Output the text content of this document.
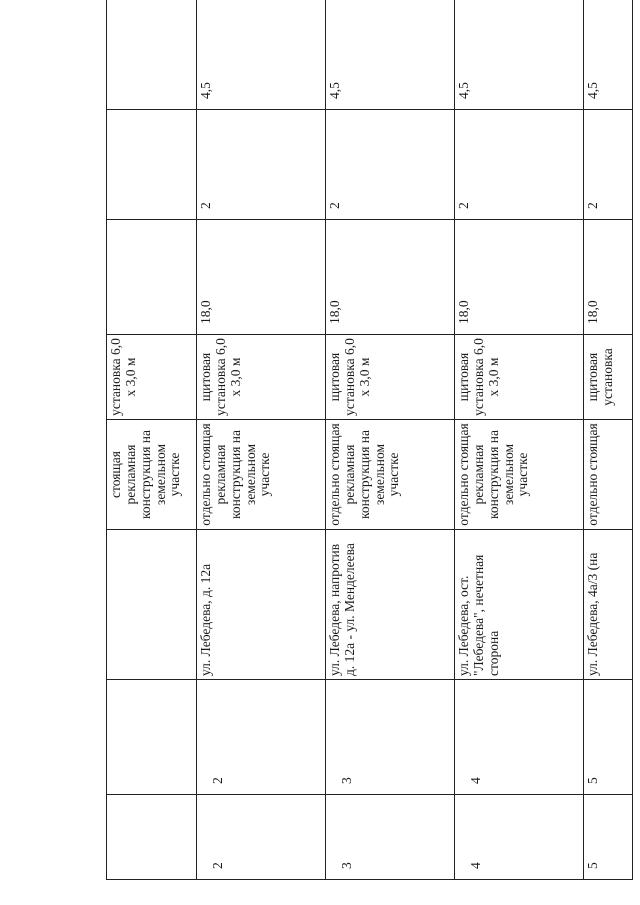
			стоящая рекламная конструкция на земельном участке	установка 6,0 х 3,0 м				
2	2	ул. Лебедева, д. 12а	отдельно стоящая рекламная конструкция на земельном участке	щитовая установка 6,0 х 3,0 м	18,0	2	4,5	
3	3	ул. Лебедева, напротив д. 12а - ул. Менделеева	отдельно стоящая рекламная конструкция на земельном участке	щитовая установка 6,0 х 3,0 м	18,0	2	4,5	
4	4	ул. Лебедева, ост. "Лебедева", нечетная сторона	отдельно стоящая рекламная конструкция на земельном участке	щитовая установка 6,0 х 3,0 м	18,0	2	4,5	
5	5	ул. Лебедева, 4а/3 (на	отдельно стоящая	щитовая установка	18,0	2	4,5	
